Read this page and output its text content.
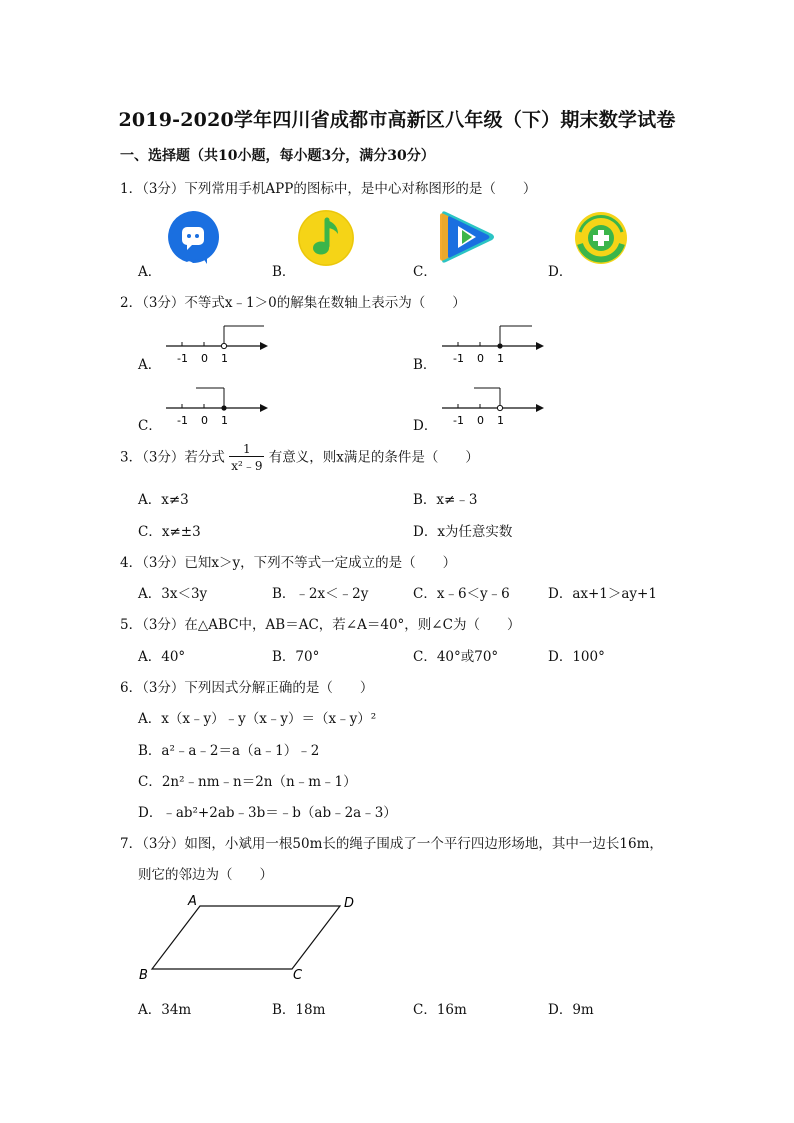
2019-2020学年四川省成都市高新区八年级（下）期末数学试卷
一、选择题（共10小题，每小题3分，满分30分）
1．（3分）下列常用手机APP的图标中，是中心对称图形的是（　　）
A．	B．	C．	D．
2．（3分）不等式x﹣1＞0的解集在数轴上表示为（　　）
A． -1 0 1	B． -1 0 1
C． -1 0 1	D． -1 0 1
3．（3分）若分式 $\frac{1}{\text{x²﹣9}}$ 有意义，则x满足的条件是（　　）
A．x≠3	B．x≠﹣3
C．x≠±3	D．x为任意实数
4．（3分）已知x＞y，下列不等式一定成立的是（　　）
A．3x＜3y	B．﹣2x＜﹣2y	C．x﹣6＜y﹣6	D．ax+1＞ay+1
5．（3分）在△ABC中，AB＝AC，若∠A＝40°，则∠C为（　　）
A．40°	B．70°	C．40°或70°	D．100°
6．（3分）下列因式分解正确的是（　　）
A．x（x﹣y）﹣y（x﹣y）＝（x﹣y）²
B．a²﹣a﹣2＝a（a﹣1）﹣2
C．2n²﹣nm﹣n＝2n（n﹣m﹣1）
D．﹣ab²+2ab﹣3b＝﹣b（ab﹣2a﹣3）
7．（3分）如图，小斌用一根50m长的绳子围成了一个平行四边形场地，其中一边长16m，
则它的邻边为（　　）
A	D
B	C
A．34m	B．18m	C．16m	D．9m
